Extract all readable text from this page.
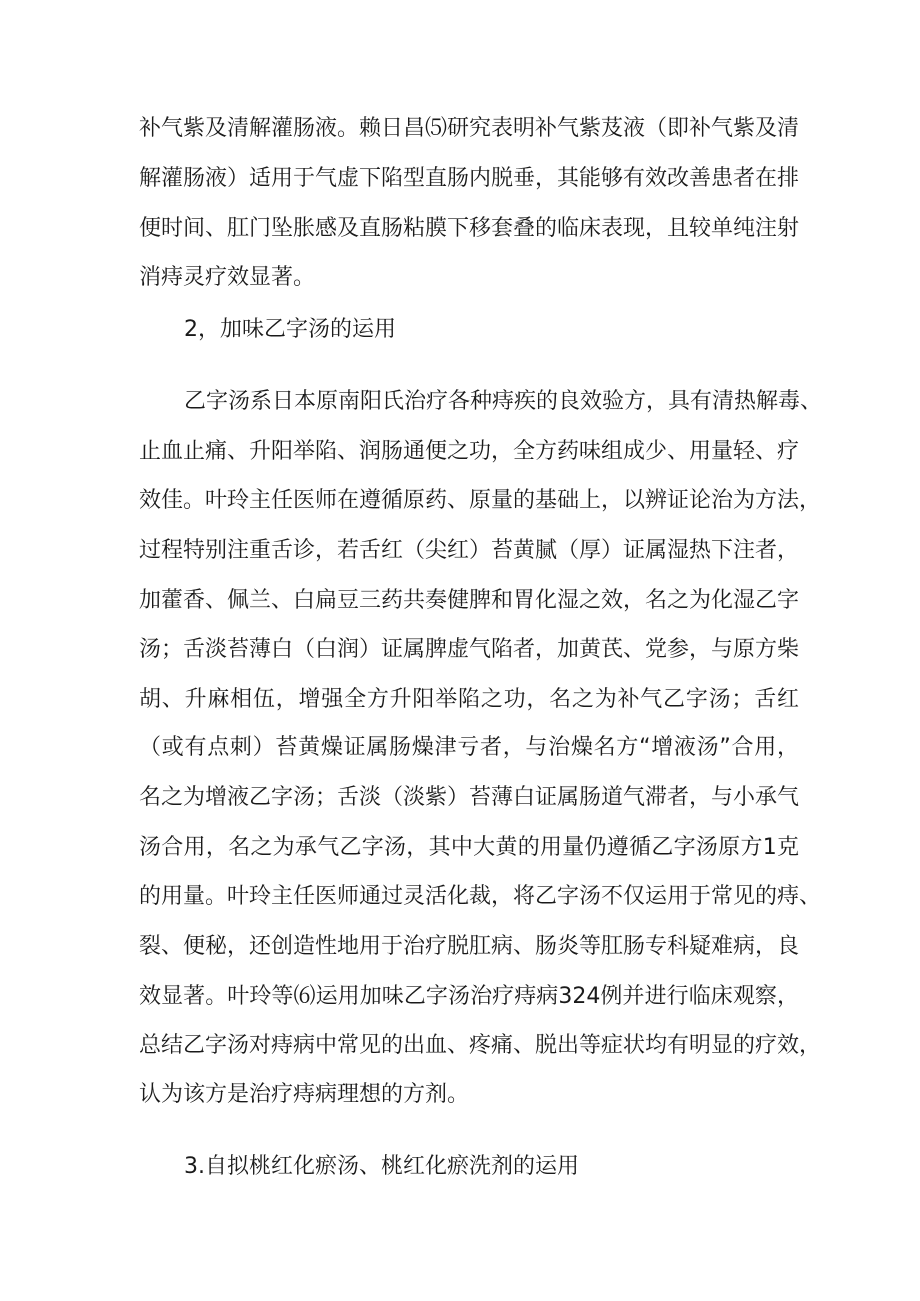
补气紫及清解灌肠液。赖日昌⑸研究表明补气紫芨液（即补气紫及清
解灌肠液）适用于气虚下陷型直肠内脱垂，其能够有效改善患者在排
便时间、肛门坠胀感及直肠粘膜下移套叠的临床表现，且较单纯注射
消痔灵疗效显著。
2，加味乙字汤的运用
乙字汤系日本原南阳氏治疗各种痔疾的良效验方，具有清热解毒、
止血止痛、升阳举陷、润肠通便之功，全方药味组成少、用量轻、疗
效佳。叶玲主任医师在遵循原药、原量的基础上，以辨证论治为方法，
过程特别注重舌诊，若舌红（尖红）苔黄腻（厚）证属湿热下注者，
加藿香、佩兰、白扁豆三药共奏健脾和胃化湿之效，名之为化湿乙字
汤；舌淡苔薄白（白润）证属脾虚气陷者，加黄芪、党参，与原方柴
胡、升麻相伍，增强全方升阳举陷之功，名之为补气乙字汤；舌红
（或有点刺）苔黄燥证属肠燥津亏者，与治燥名方“增液汤”合用，
名之为增液乙字汤；舌淡（淡紫）苔薄白证属肠道气滞者，与小承气
汤合用，名之为承气乙字汤，其中大黄的用量仍遵循乙字汤原方1克
的用量。叶玲主任医师通过灵活化裁，将乙字汤不仅运用于常见的痔、
裂、便秘，还创造性地用于治疗脱肛病、肠炎等肛肠专科疑难病，良
效显著。叶玲等⑹运用加味乙字汤治疗痔病324例并进行临床观察，
总结乙字汤对痔病中常见的出血、疼痛、脱出等症状均有明显的疗效，
认为该方是治疗痔病理想的方剂。
3.自拟桃红化瘀汤、桃红化瘀洗剂的运用
